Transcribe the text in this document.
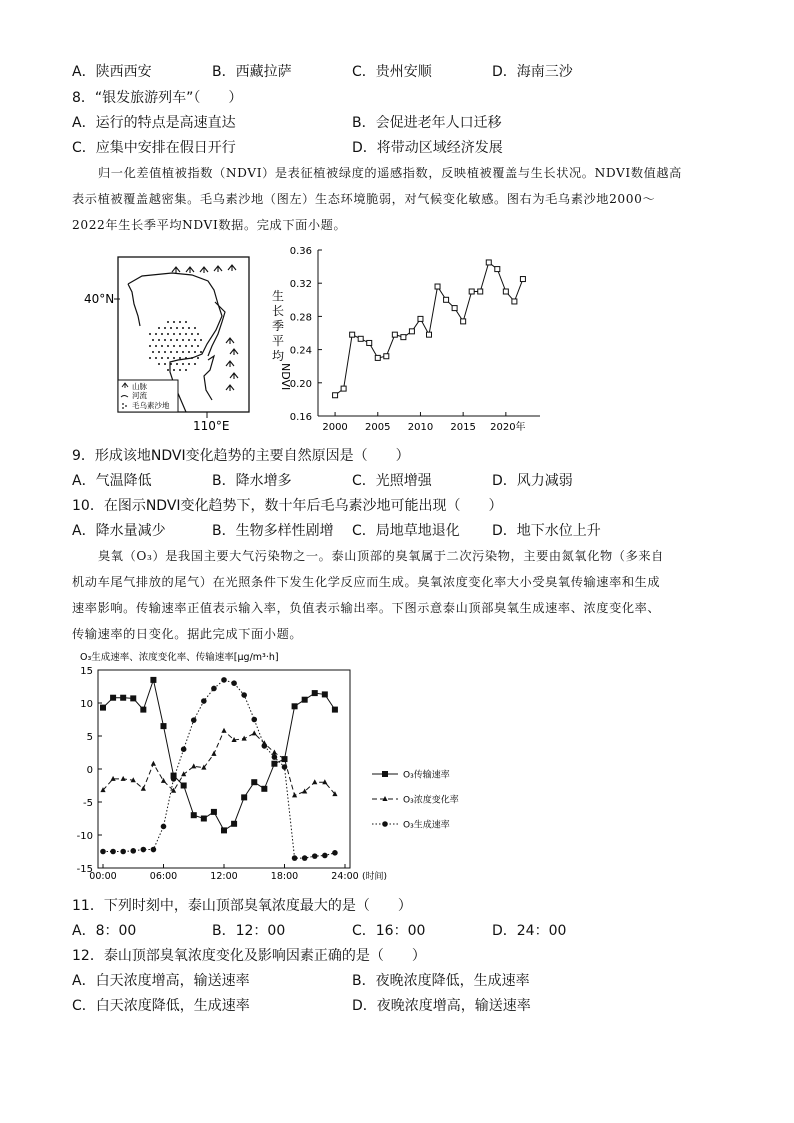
A．陕西西安	B．西藏拉萨	C．贵州安顺	D．海南三沙
8．“银发旅游列车”（　　）
A．运行的特点是高速直达	B．会促进老年人口迁移
C．应集中安排在假日开行	D．将带动区域经济发展
归一化差值植被指数（NDVI）是表征植被绿度的遥感指数，反映植被覆盖与生长状况。NDVI数值越高
表示植被覆盖越密集。毛乌素沙地（图左）生态环境脆弱，对气候变化敏感。图右为毛乌素沙地2000～
2022年生长季平均NDVI数据。完成下面小题。
40°N
110°E
山脉
河流
毛乌素沙地
生
长
季
平
均
NDVI
0.16
0.20
0.24
0.28
0.32
0.36
2000 2005 2010 2015 2020年
9．形成该地NDVI变化趋势的主要自然原因是（　　）
A．气温降低	B．降水增多	C．光照增强	D．风力减弱
10．在图示NDVI变化趋势下，数十年后毛乌素沙地可能出现（　　）
A．降水量减少	B．生物多样性剧增 C．局地草地退化 D．地下水位上升
臭氧（O₃）是我国主要大气污染物之一。泰山顶部的臭氧属于二次污染物，主要由氮氧化物（多来自
机动车尾气排放的尾气）在光照条件下发生化学反应而生成。臭氧浓度变化率大小受臭氧传输速率和生成
速率影响。传输速率正值表示输入率，负值表示输出率。下图示意泰山顶部臭氧生成速率、浓度变化率、
传输速率的日变化。据此完成下面小题。
O₃生成速率、浓度变化率、传输速率[μg/m³·h]
(时间)
15
10
5
0
-5
-10
-15
00:00	06:00	12:00	18:00	24:00
O₃传输速率
O₃浓度变化率
O₃生成速率
11．下列时刻中，泰山顶部臭氧浓度最大的是（　　）
A．8：00	B．12：00	C．16：00	D．24：00
12．泰山顶部臭氧浓度变化及影响因素正确的是（　　）
A．白天浓度增高，输送速率	B．夜晚浓度降低，生成速率
C．白天浓度降低，生成速率	D．夜晚浓度增高，输送速率
